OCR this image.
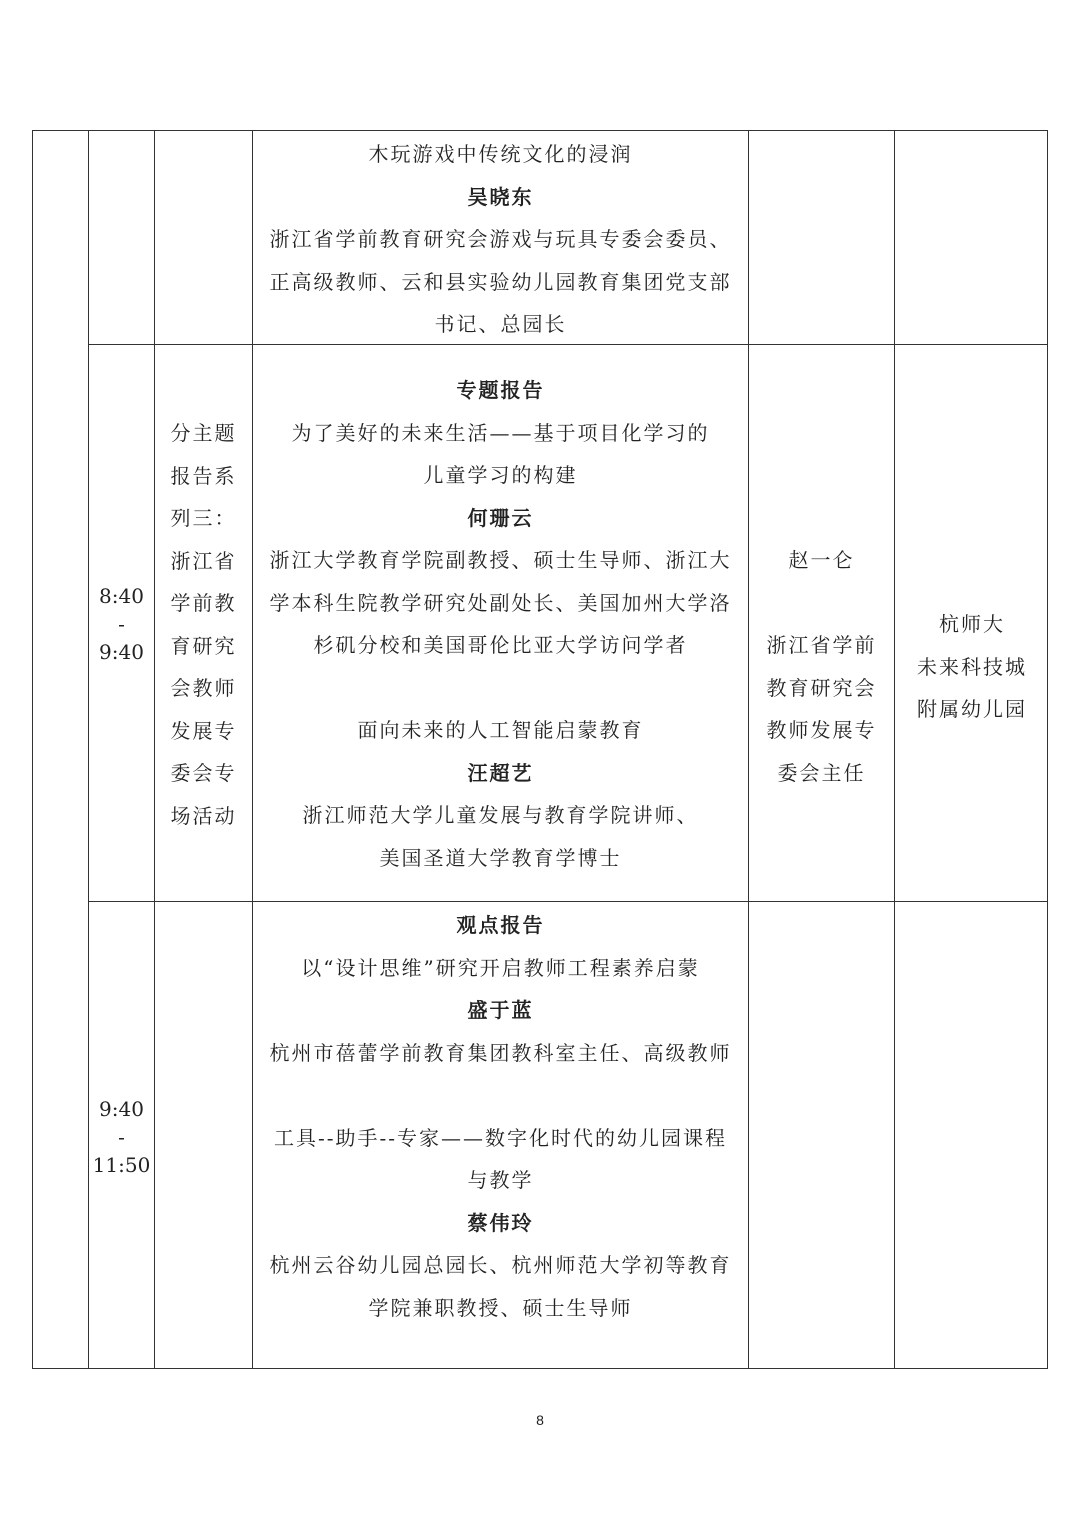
木玩游戏中传统文化的浸润
吴晓东
浙江省学前教育研究会游戏与玩具专委会委员、
正高级教师、云和县实验幼儿园教育集团党支部
书记、总园长
8:40
-
9:40
分主题
报告系
列三：
浙江省
学前教
育研究
会教师
发展专
委会专
场活动
专题报告
为了美好的未来生活——基于项目化学习的
儿童学习的构建
何珊云
浙江大学教育学院副教授、硕士生导师、浙江大
学本科生院教学研究处副处长、美国加州大学洛
杉矶分校和美国哥伦比亚大学访问学者
面向未来的人工智能启蒙教育
汪超艺
浙江师范大学儿童发展与教育学院讲师、
美国圣道大学教育学博士
赵一仑
浙江省学前
教育研究会
教师发展专
委会主任
杭师大
未来科技城
附属幼儿园
9:40
-
11:50
观点报告
以“设计思维”研究开启教师工程素养启蒙
盛于蓝
杭州市蓓蕾学前教育集团教科室主任、高级教师
工具--助手--专家——数字化时代的幼儿园课程
与教学
蔡伟玲
杭州云谷幼儿园总园长、杭州师范大学初等教育
学院兼职教授、硕士生导师
8
